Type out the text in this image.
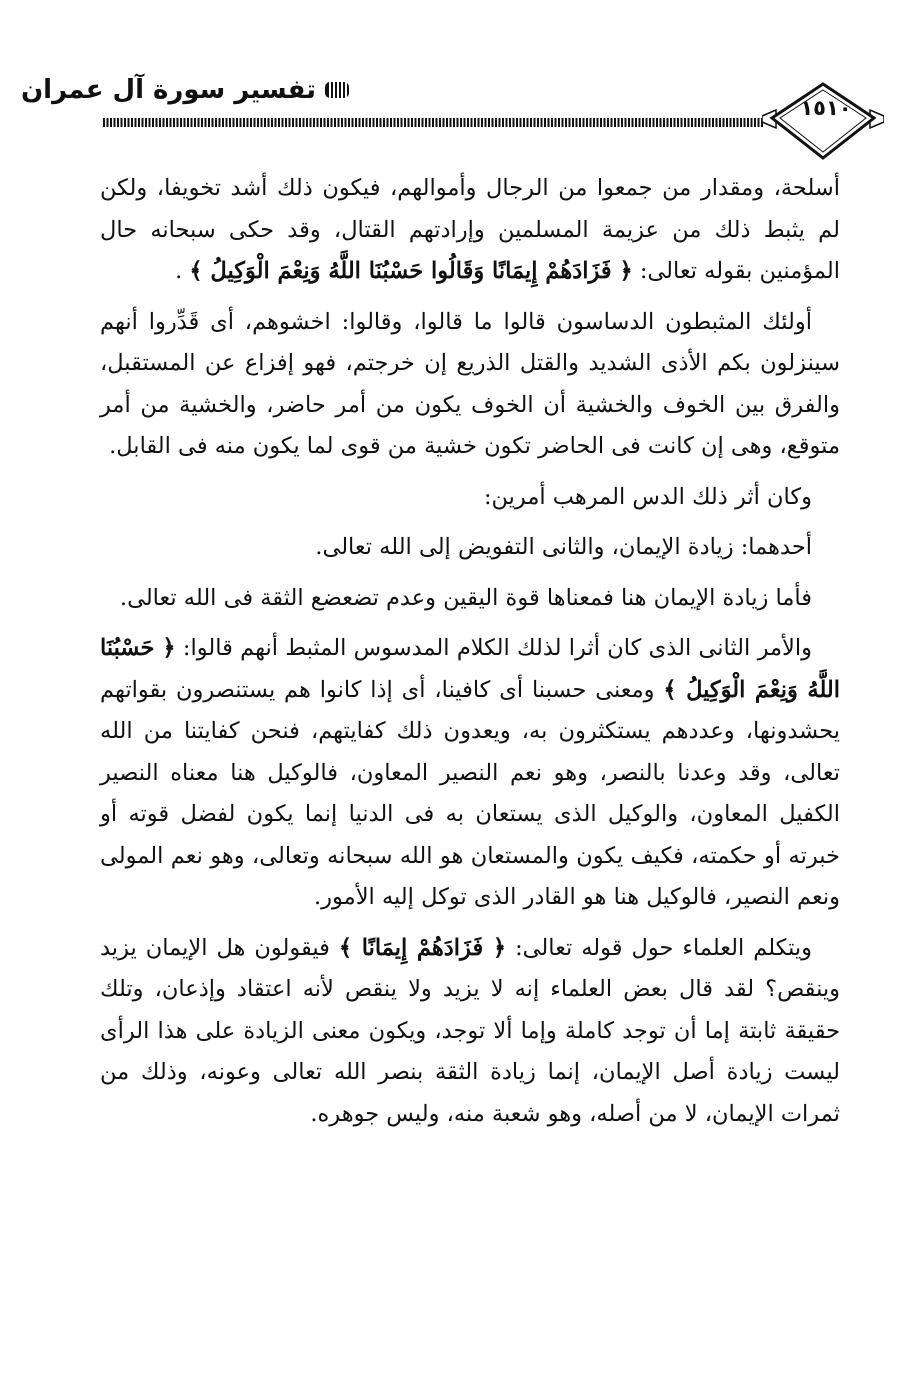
تفسير سورة آل عمران
١٥١٠

أسلحة، ومقدار من جمعوا من الرجال وأموالهم، فيكون ذلك أشد تخويفا، ولكن لم يثبط ذلك من عزيمة المسلمين وإرادتهم القتال، وقد حكى سبحانه حال المؤمنين بقوله تعالى: ﴿ فَزَادَهُمْ إِيمَانًا وَقَالُوا حَسْبُنَا اللَّهُ وَنِعْمَ الْوَكِيلُ ﴾ .

أولئك المثبطون الدساسون قالوا ما قالوا، وقالوا: اخشوهم، أى قَدِّروا أنهم سينزلون بكم الأذى الشديد والقتل الذريع إن خرجتم، فهو إفزاع عن المستقبل، والفرق بين الخوف والخشية أن الخوف يكون من أمر حاضر، والخشية من أمر متوقع، وهى إن كانت فى الحاضر تكون خشية من قوى لما يكون منه فى القابل.

وكان أثر ذلك الدس المرهب أمرين:

أحدهما: زيادة الإيمان، والثانى التفويض إلى الله تعالى.

فأما زيادة الإيمان هنا فمعناها قوة اليقين وعدم تضعضع الثقة فى الله تعالى.

والأمر الثانى الذى كان أثرا لذلك الكلام المدسوس المثبط أنهم قالوا: ﴿ حَسْبُنَا اللَّهُ وَنِعْمَ الْوَكِيلُ ﴾ ومعنى حسبنا أى كافينا، أى إذا كانوا هم يستنصرون بقواتهم يحشدونها، وعددهم يستكثرون به، ويعدون ذلك كفايتهم، فنحن كفايتنا من الله تعالى، وقد وعدنا بالنصر، وهو نعم النصير المعاون، فالوكيل هنا معناه النصير الكفيل المعاون، والوكيل الذى يستعان به فى الدنيا إنما يكون لفضل قوته أو خبرته أو حكمته، فكيف يكون والمستعان هو الله سبحانه وتعالى، وهو نعم المولى ونعم النصير، فالوكيل هنا هو القادر الذى توكل إليه الأمور.

ويتكلم العلماء حول قوله تعالى: ﴿ فَزَادَهُمْ إِيمَانًا ﴾ فيقولون هل الإيمان يزيد وينقص؟ لقد قال بعض العلماء إنه لا يزيد ولا ينقص لأنه اعتقاد وإذعان، وتلك حقيقة ثابتة إما أن توجد كاملة وإما ألا توجد، ويكون معنى الزيادة على هذا الرأى ليست زيادة أصل الإيمان، إنما زيادة الثقة بنصر الله تعالى وعونه، وذلك من ثمرات الإيمان، لا من أصله، وهو شعبة منه، وليس جوهره.
